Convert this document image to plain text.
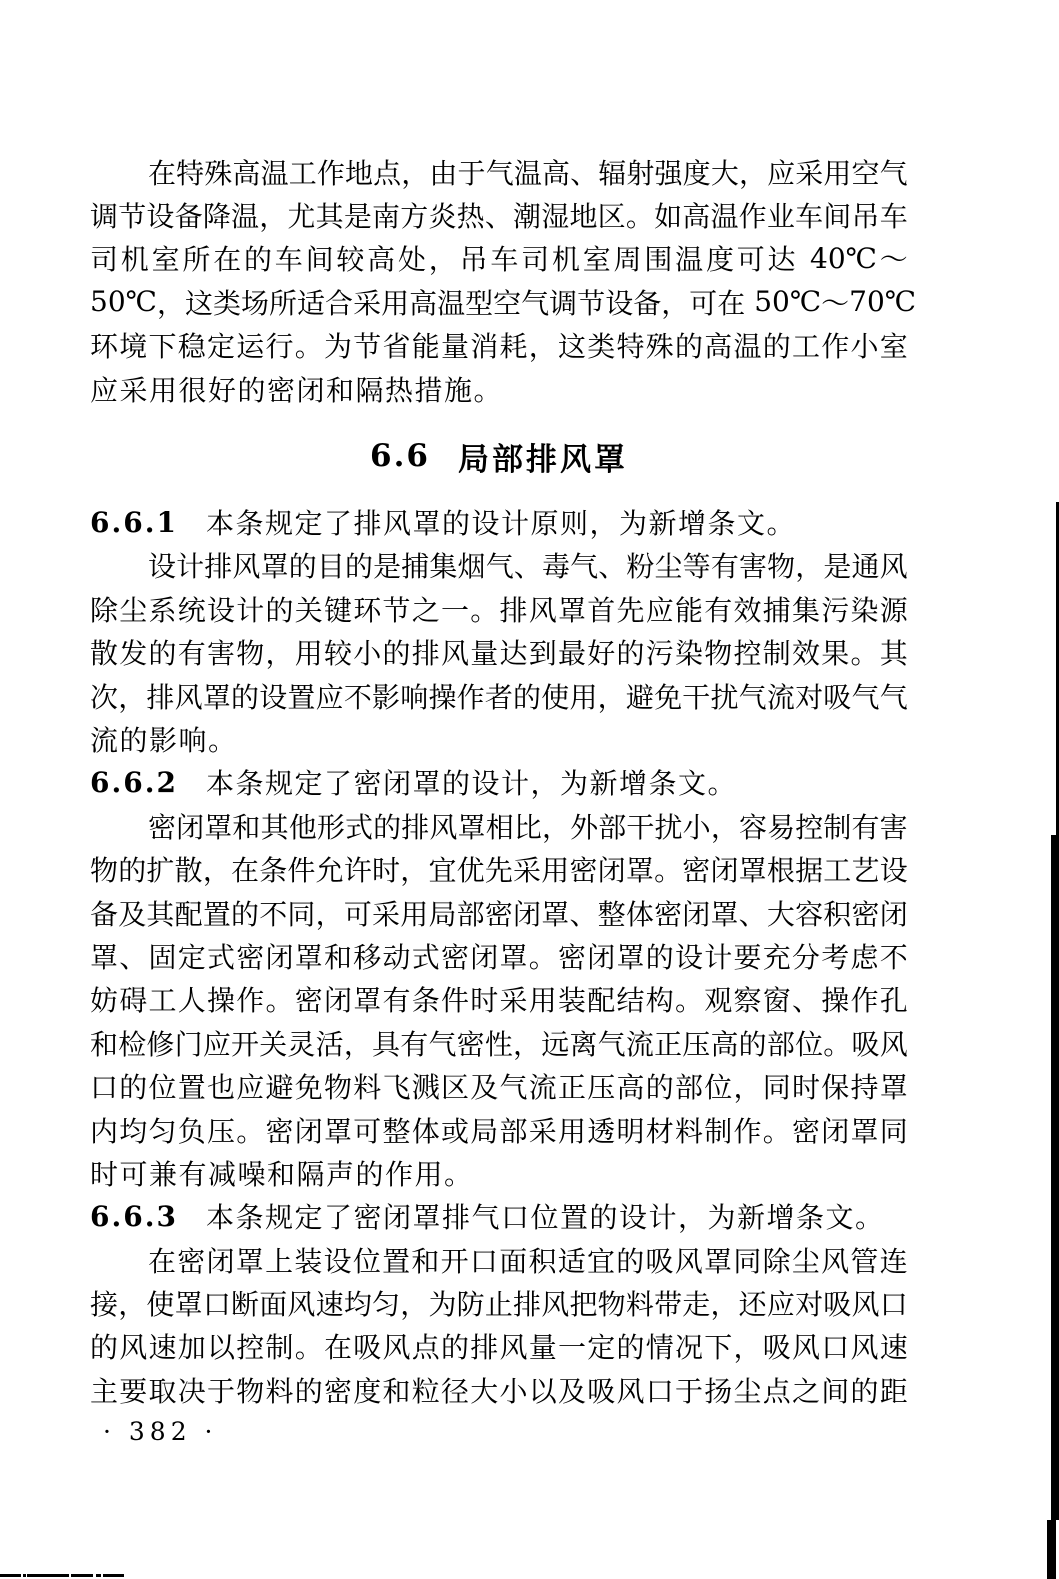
在 特 殊 高 温 工 作 地 点 ， 由 于 气 温 高 、 辐 射 强 度 大 ， 应 采 用 空 气
调 节 设 备 降 温 ， 尤 其 是 南 方 炎 热 、 潮 湿 地 区 。 如 高 温 作 业 车 间 吊 车
司 机 室 所 在 的 车 间 较 高 处 ， 吊 车 司 机 室 周 围 温 度 可 达
40℃ ～
50℃ ， 这 类 场 所 适 合 采 用 高 温 型 空 气 调 节 设 备 ， 可 在
50℃ ～ 70℃
环 境 下 稳 定 运 行 。 为 节 省 能 量 消 耗 ， 这 类 特 殊 的 高 温 的 工 作 小 室
应采用很好的密闭和隔热措施。
6.6 局部排风罩
6.6.1 本条规定了排风罩的设计原则，为新增条文。
设 计 排 风 罩 的 目 的 是 捕 集 烟 气 、 毒 气 、 粉 尘 等 有 害 物 ， 是 通 风
除 尘 系 统 设 计 的 关 键 环 节 之 一 。 排 风 罩 首 先 应 能 有 效 捕 集 污 染 源
散 发 的 有 害 物 ， 用 较 小 的 排 风 量 达 到 最 好 的 污 染 物 控 制 效 果 。 其
次 ， 排 风 罩 的 设 置 应 不 影 响 操 作 者 的 使 用 ， 避 免 干 扰 气 流 对 吸 气 气
流的影响。
6.6.2 本条规定了密闭罩的设计，为新增条文。
密 闭 罩 和 其 他 形 式 的 排 风 罩 相 比 ， 外 部 干 扰 小 ， 容 易 控 制 有 害
物 的 扩 散 ， 在 条 件 允 许 时 ， 宜 优 先 采 用 密 闭 罩 。 密 闭 罩 根 据 工 艺 设
备 及 其 配 置 的 不 同 ， 可 采 用 局 部 密 闭 罩 、 整 体 密 闭 罩 、 大 容 积 密 闭
罩 、 固 定 式 密 闭 罩 和 移 动 式 密 闭 罩 。 密 闭 罩 的 设 计 要 充 分 考 虑 不
妨 碍 工 人 操 作 。 密 闭 罩 有 条 件 时 采 用 装 配 结 构 。 观 察 窗 、 操 作 孔
和 检 修 门 应 开 关 灵 活 ， 具 有 气 密 性 ， 远 离 气 流 正 压 高 的 部 位 。 吸 风
口 的 位 置 也 应 避 免 物 料 飞 溅 区 及 气 流 正 压 高 的 部 位 ， 同 时 保 持 罩
内 均 匀 负 压 。 密 闭 罩 可 整 体 或 局 部 采 用 透 明 材 料 制 作 。 密 闭 罩 同
时可兼有减噪和隔声的作用。
6.6.3 本条规定了密闭罩排气口位置的设计，为新增条文。
在 密 闭 罩 上 装 设 位 置 和 开 口 面 积 适 宜 的 吸 风 罩 同 除 尘 风 管 连
接 ， 使 罩 口 断 面 风 速 均 匀 ， 为 防 止 排 风 把 物 料 带 走 ， 还 应 对 吸 风 口
的 风 速 加 以 控 制 。 在 吸 风 点 的 排 风 量 一 定 的 情 况 下 ， 吸 风 口 风 速
主 要 取 决 于 物 料 的 密 度 和 粒 径 大 小 以 及 吸 风 口 于 扬 尘 点 之 间 的 距
· 382 ·
